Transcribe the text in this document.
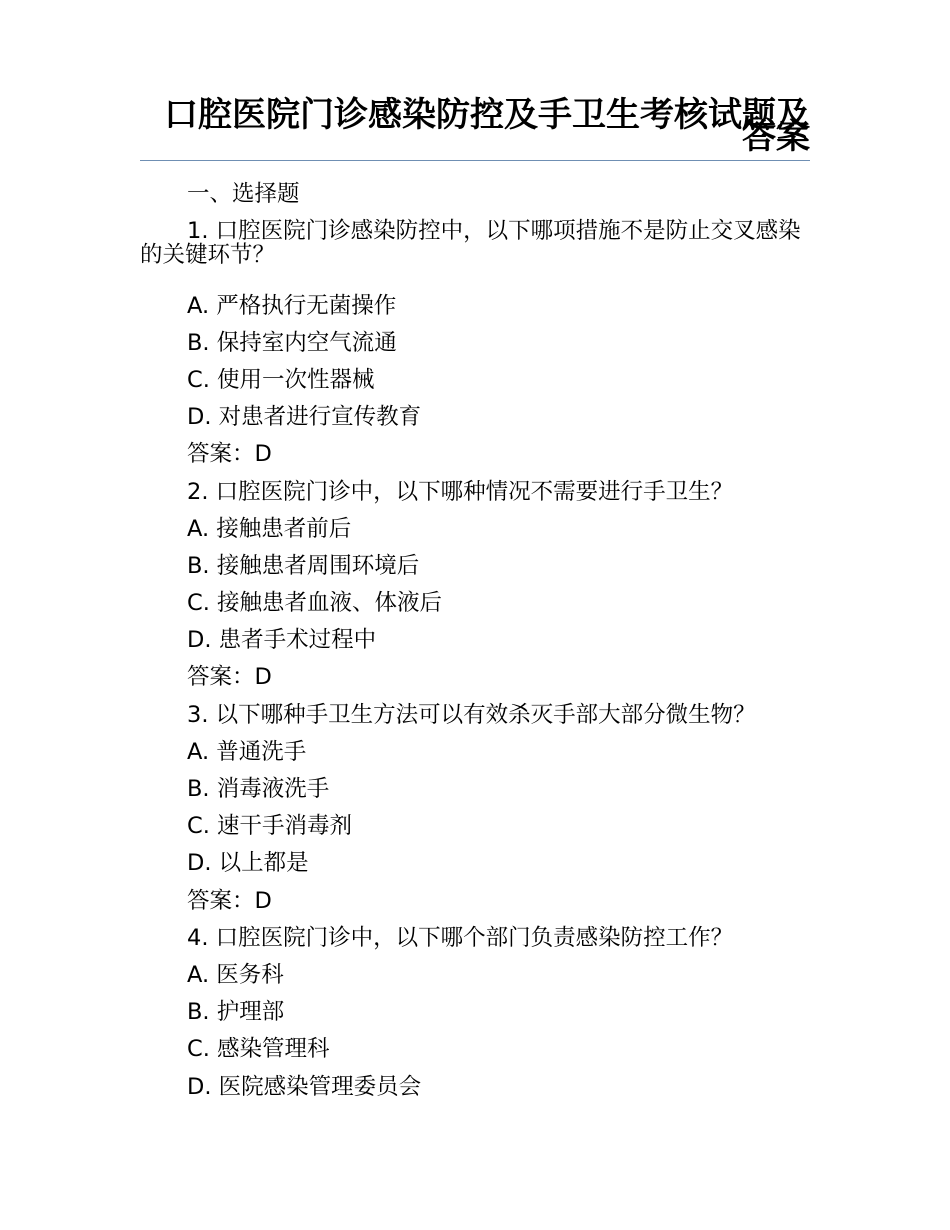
口腔医院门诊感染防控及手卫生考核试题及答案
一、选择题
1. 口腔医院门诊感染防控中，以下哪项措施不是防止交叉感染的关键环节？
A. 严格执行无菌操作
B. 保持室内空气流通
C. 使用一次性器械
D. 对患者进行宣传教育
答案：D
2. 口腔医院门诊中，以下哪种情况不需要进行手卫生？
A. 接触患者前后
B. 接触患者周围环境后
C. 接触患者血液、体液后
D. 患者手术过程中
答案：D
3. 以下哪种手卫生方法可以有效杀灭手部大部分微生物？
A. 普通洗手
B. 消毒液洗手
C. 速干手消毒剂
D. 以上都是
答案：D
4. 口腔医院门诊中，以下哪个部门负责感染防控工作？
A. 医务科
B. 护理部
C. 感染管理科
D. 医院感染管理委员会
